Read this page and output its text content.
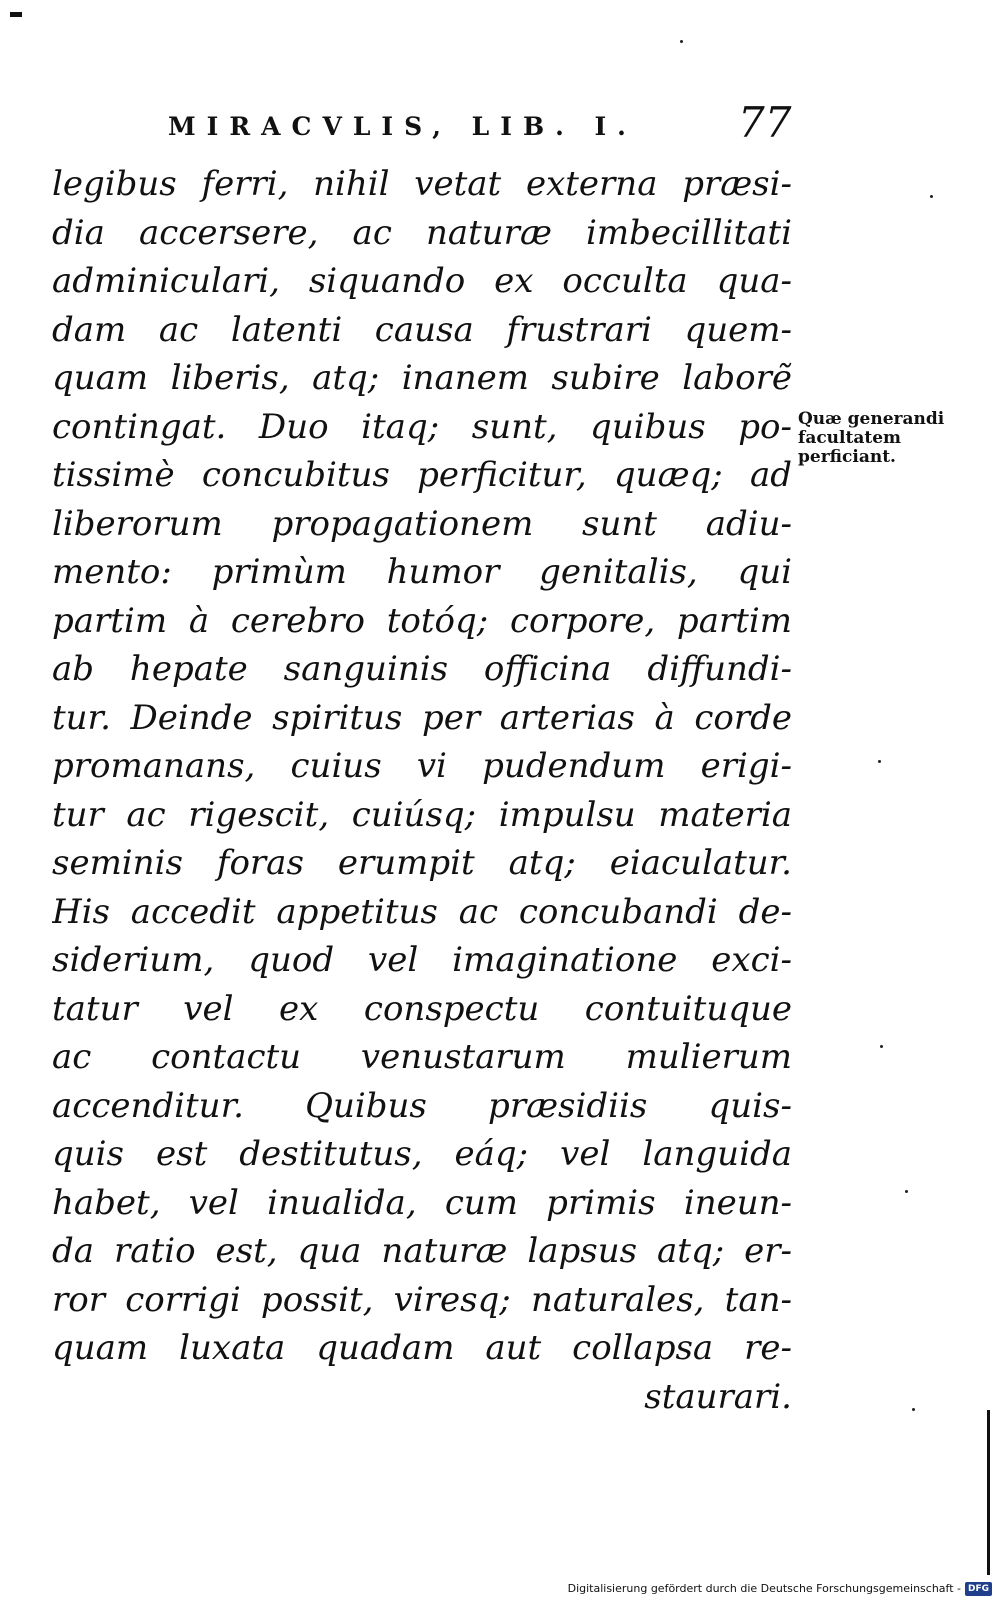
MIRACVLIS, LIB. I. 77
legibus ferri, nihil vetat externa præsi-
dia accersere, ac naturæ imbecillitati
adminiculari, siquando ex occulta qua-
dam ac latenti causa frustrari quem-
quam liberis, atq; inanem subire laborẽ
contingat. Duo itaq; sunt, quibus po-
tissimè concubitus perficitur, quæq; ad
liberorum propagationem sunt adiu-
mento: primùm humor genitalis, qui
partim à cerebro totóq; corpore, partim
ab hepate sanguinis officina diffundi-
tur. Deinde spiritus per arterias à corde
promanans, cuius vi pudendum erigi-
tur ac rigescit, cuiúsq; impulsu materia
seminis foras erumpit atq; eiaculatur.
His accedit appetitus ac concubandi de-
siderium, quod vel imaginatione exci-
tatur vel ex conspectu contuituque
ac contactu venustarum mulierum
accenditur. Quibus præsidiis quis-
quis est destitutus, eáq; vel languida
habet, vel inualida, cum primis ineun-
da ratio est, qua naturæ lapsus atq; er-
ror corrigi possit, viresq; naturales, tan-
quam luxata quadam aut collapsa re-
staurari.
Quæ generandi
facultatem
perficiant.
Digitalisierung gefördert durch die Deutsche Forschungsgemeinschaft - DFG
